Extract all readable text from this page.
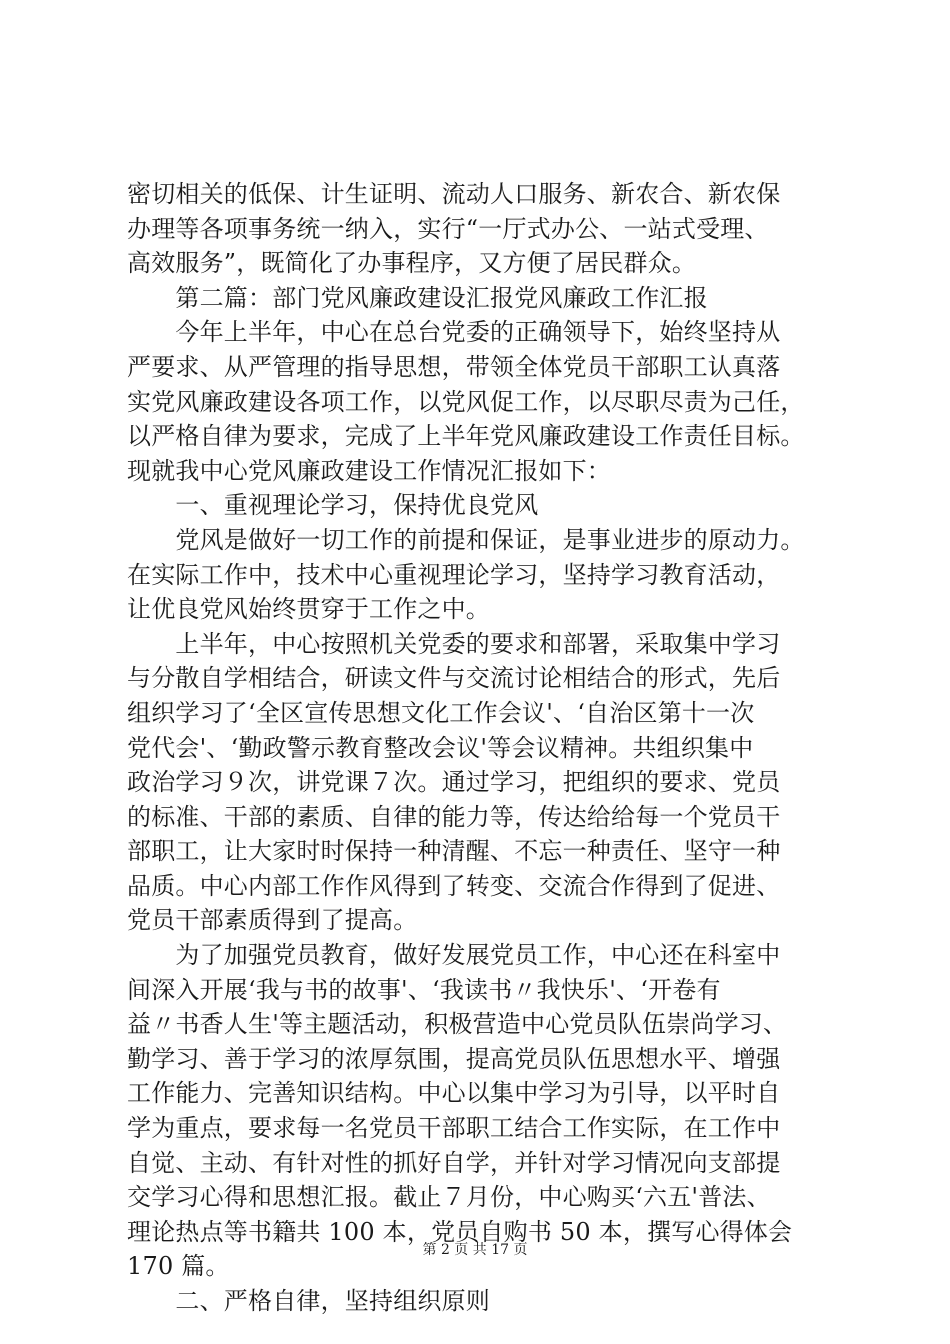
密切相关的低保、计生证明、流动人口服务、新农合、新农保
办理等各项事务统一纳入，实行“一厅式办公、一站式受理、
高效服务”，既简化了办事程序，又方便了居民群众。
　　第二篇：部门党风廉政建设汇报党风廉政工作汇报
　　今年上半年，中心在总台党委的正确领导下，始终坚持从
严要求、从严管理的指导思想，带领全体党员干部职工认真落
实党风廉政建设各项工作，以党风促工作，以尽职尽责为己任，
以严格自律为要求，完成了上半年党风廉政建设工作责任目标。
现就我中心党风廉政建设工作情况汇报如下：
　　一、重视理论学习，保持优良党风
　　党风是做好一切工作的前提和保证，是事业进步的原动力。
在实际工作中，技术中心重视理论学习，坚持学习教育活动，
让优良党风始终贯穿于工作之中。
　　上半年，中心按照机关党委的要求和部署，采取集中学习
与分散自学相结合，研读文件与交流讨论相结合的形式，先后
组织学习了‘全区宣传思想文化工作会议'、‘自治区第十一次
党代会'、‘勤政警示教育整改会议'等会议精神。共组织集中
政治学习９次，讲党课７次。通过学习，把组织的要求、党员
的标准、干部的素质、自律的能力等，传达给给每一个党员干
部职工，让大家时时保持一种清醒、不忘一种责任、坚守一种
品质。中心内部工作作风得到了转变、交流合作得到了促进、
党员干部素质得到了提高。
　　为了加强党员教育，做好发展党员工作，中心还在科室中
间深入开展‘我与书的故事'、‘我读书〃我快乐'、‘开卷有
益〃书香人生'等主题活动，积极营造中心党员队伍崇尚学习、
勤学习、善于学习的浓厚氛围，提高党员队伍思想水平、增强
工作能力、完善知识结构。中心以集中学习为引导，以平时自
学为重点，要求每一名党员干部职工结合工作实际，在工作中
自觉、主动、有针对性的抓好自学，并针对学习情况向支部提
交学习心得和思想汇报。截止７月份，中心购买‘六五'普法、
理论热点等书籍共 100 本，党员自购书 50 本，撰写心得体会
170 篇。
　　二、严格自律，坚持组织原则
第 2 页 共 17 页
